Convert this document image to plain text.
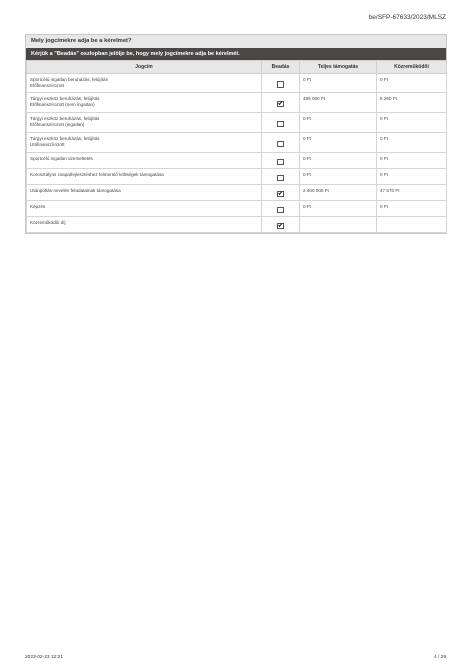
be/SFP-67633/2023/MLSZ
Mely jogcímekre adja be a kérelmet?
Kérjük a "Beadás" oszlopban jelölje be, hogy mely jogcímekre adja be kérelmét.
Jogcím	Beadás	Teljes támogatás	Közreműködői
Sportcélú ingatlan beruházás, felújítás
Előfinanszírozott		0 Ft	0 Ft
Tárgyi eszköz beruházás, felújítás
Előfinanszírozott (nem ingatlan)		486 000 Ft	5 260 Ft
Tárgyi eszköz beruházás, felújítás
Előfinanszírozott (ingatlan)		0 Ft	0 Ft
Tárgyi eszköz beruházás, felújítás
Utófinanszírozott		0 Ft	0 Ft
Sportcélú ingatlan üzemeltetés		0 Ft	0 Ft
Korosztályos csapatfejlesztéshez felmerülő költségek támogatása		0 Ft	0 Ft
Utánpótlás-nevelés feladatainak támogatása		2 400 000 Ft	47 570 Ft
Képzés		0 Ft	0 Ft
Közreműködői díj			
2023-02-23 12:21	4 / 29
